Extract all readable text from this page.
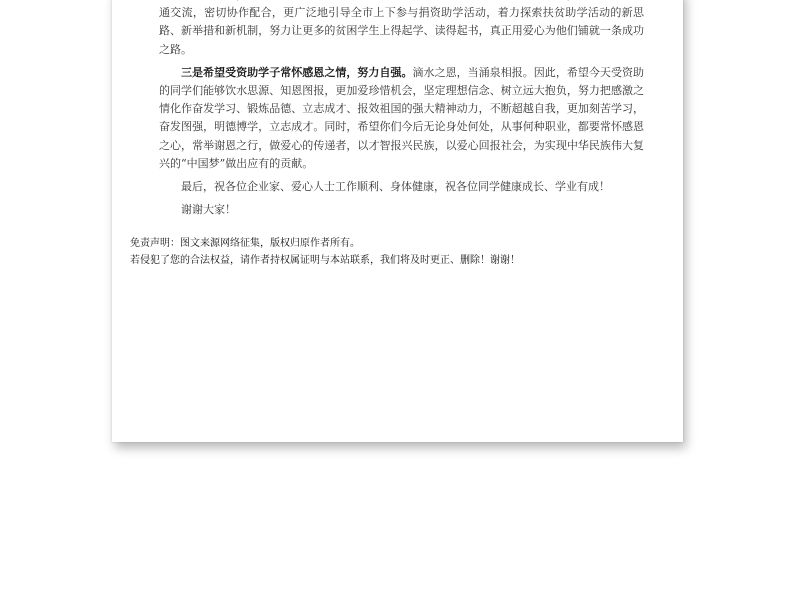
通交流，密切协作配合，更广泛地引导全市上下参与捐资助学活动，着力探索扶贫助学活动的新思路、新举措和新机制，努力让更多的贫困学生上得起学、读得起书，真正用爱心为他们铺就一条成功之路。

三是希望受资助学子常怀感恩之情，努力自强。滴水之恩，当涌泉相报。因此，希望今天受资助的同学们能够饮水思源、知恩图报，更加爱珍惜机会，坚定理想信念、树立远大抱负，努力把感激之情化作奋发学习、锻炼品德、立志成才、报效祖国的强大精神动力，不断超越自我，更加刻苦学习，奋发图强，明德博学，立志成才。同时，希望你们今后无论身处何处，从事何种职业，都要常怀感恩之心，常举谢恩之行，做爱心的传递者，以才智报兴民族，以爱心回报社会，为实现中华民族伟大复兴的“中国梦”做出应有的贡献。

最后，祝各位企业家、爱心人士工作顺利、身体健康，祝各位同学健康成长、学业有成！

谢谢大家！

免责声明：图文来源网络征集，版权归原作者所有。
若侵犯了您的合法权益，请作者持权属证明与本站联系，我们将及时更正、删除！谢谢！
